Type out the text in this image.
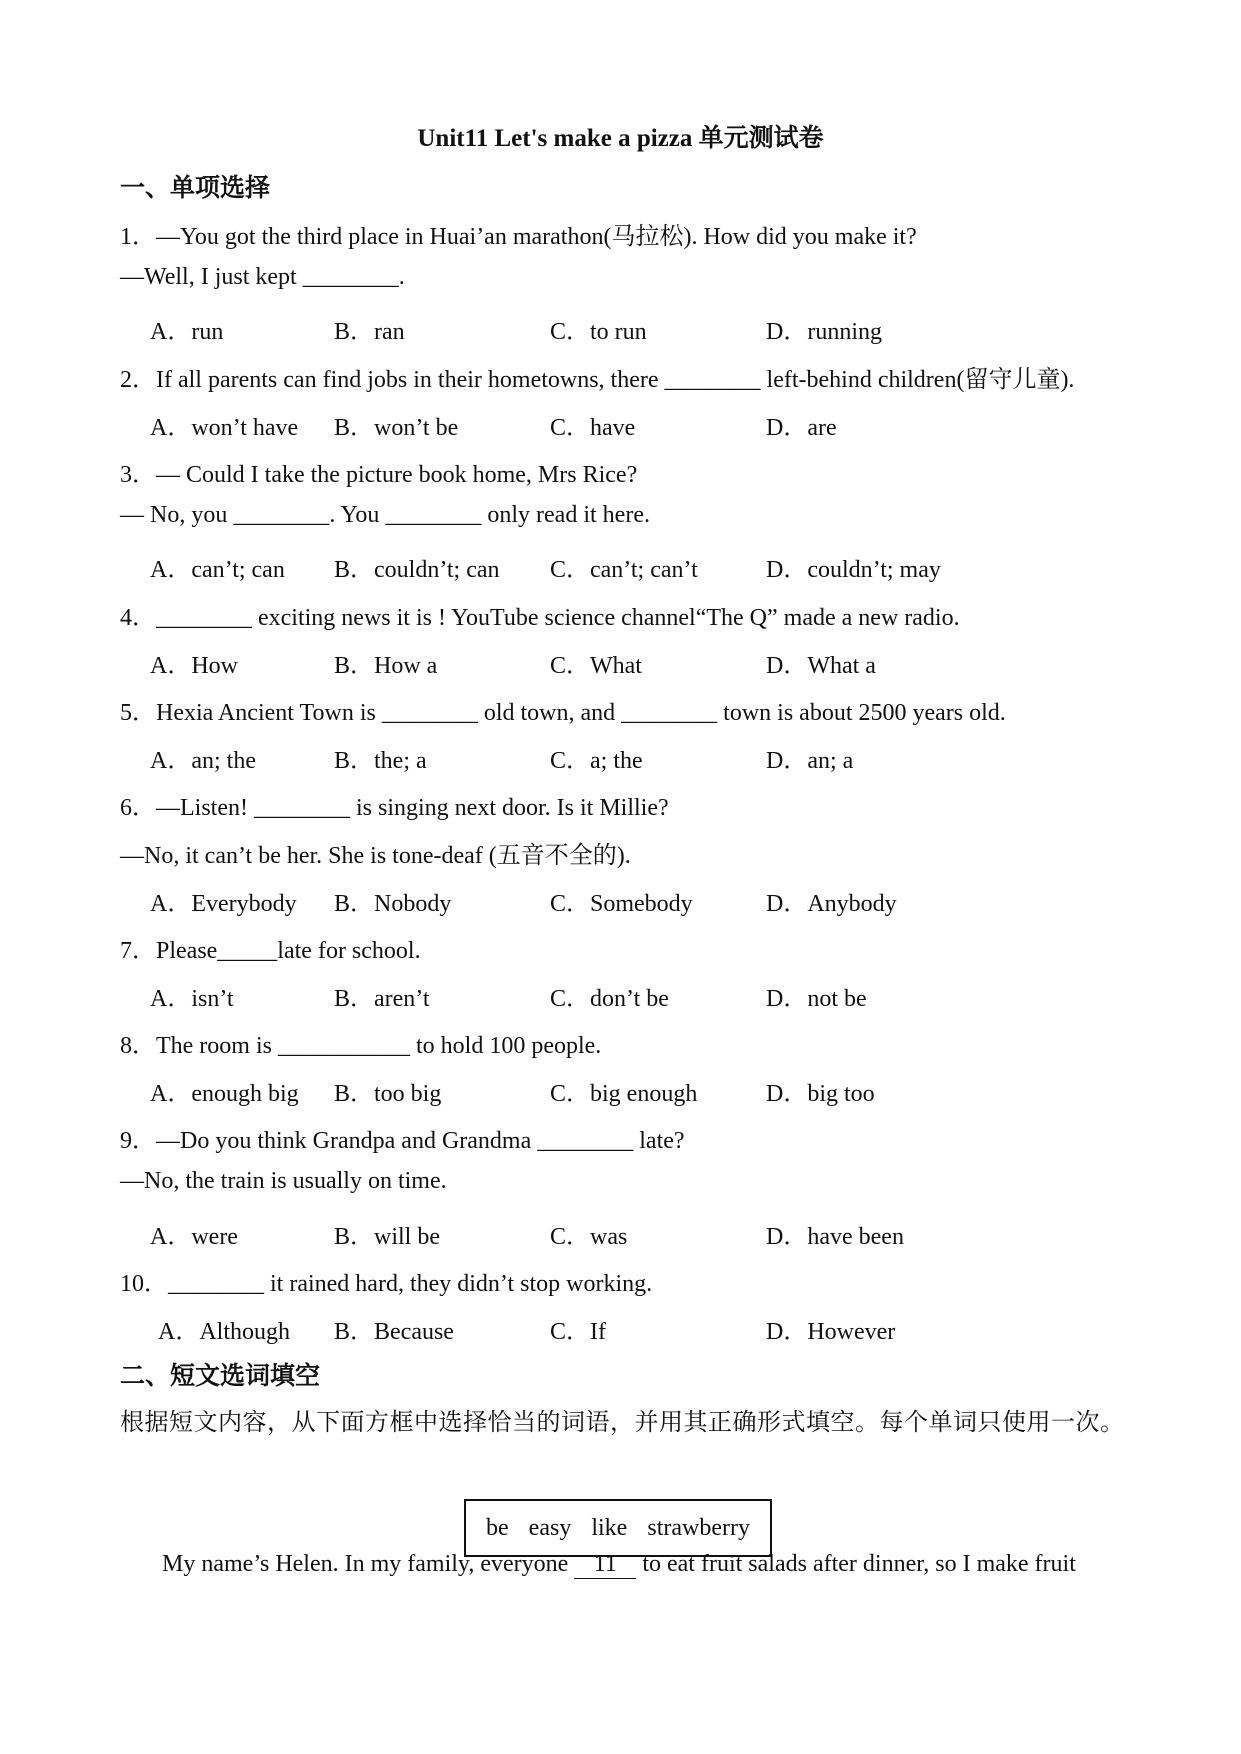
Unit11 Let's make a pizza 单元测试卷
一、单项选择
1．—You got the third place in Huai’an marathon(马拉松). How did you make it?
—Well, I just kept ________.
A．run	B．ran	C．to run	D．running
2．If all parents can find jobs in their hometowns, there ________ left-behind children(留守儿童).
A．won’t have B．won’t be	C．have	D．are
3．— Could I take the picture book home, Mrs Rice?
— No, you ________. You ________ only read it here.
A．can’t; can B．couldn’t; can C．can’t; can’t	D．couldn’t; may
4．________ exciting news it is ! YouTube science channel“The Q” made a new radio.
A．How	B．How a	C．What	D．What a
5．Hexia Ancient Town is ________ old town, and ________ town is about 2500 years old.
A．an; the	B．the; a	C．a; the	D．an; a
6．—Listen! ________ is singing next door. Is it Millie?
—No, it can’t be her. She is tone-deaf (五音不全的).
A．Everybody B．Nobody	C．Somebody	D．Anybody
7．Please_____late for school.
A．isn’t	B．aren’t	C．don’t be	D．not be
8．The room is ___________ to hold 100 people.
A．enough big B．too big	C．big enough	D．big too
9．—Do you think Grandpa and Grandma ________ late?
—No, the train is usually on time.
A．were	B．will be	C．was	D．have been
10．________ it rained hard, they didn’t stop working.
A．Although B．Because	C．If	D．However
二、短文选词填空
根据短文内容，从下面方框中选择恰当的词语，并用其正确形式填空。每个单词只使用一次。
be easy like strawberry
My name’s Helen. In my family, everyone 11 to eat fruit salads after dinner, so I make fruit
